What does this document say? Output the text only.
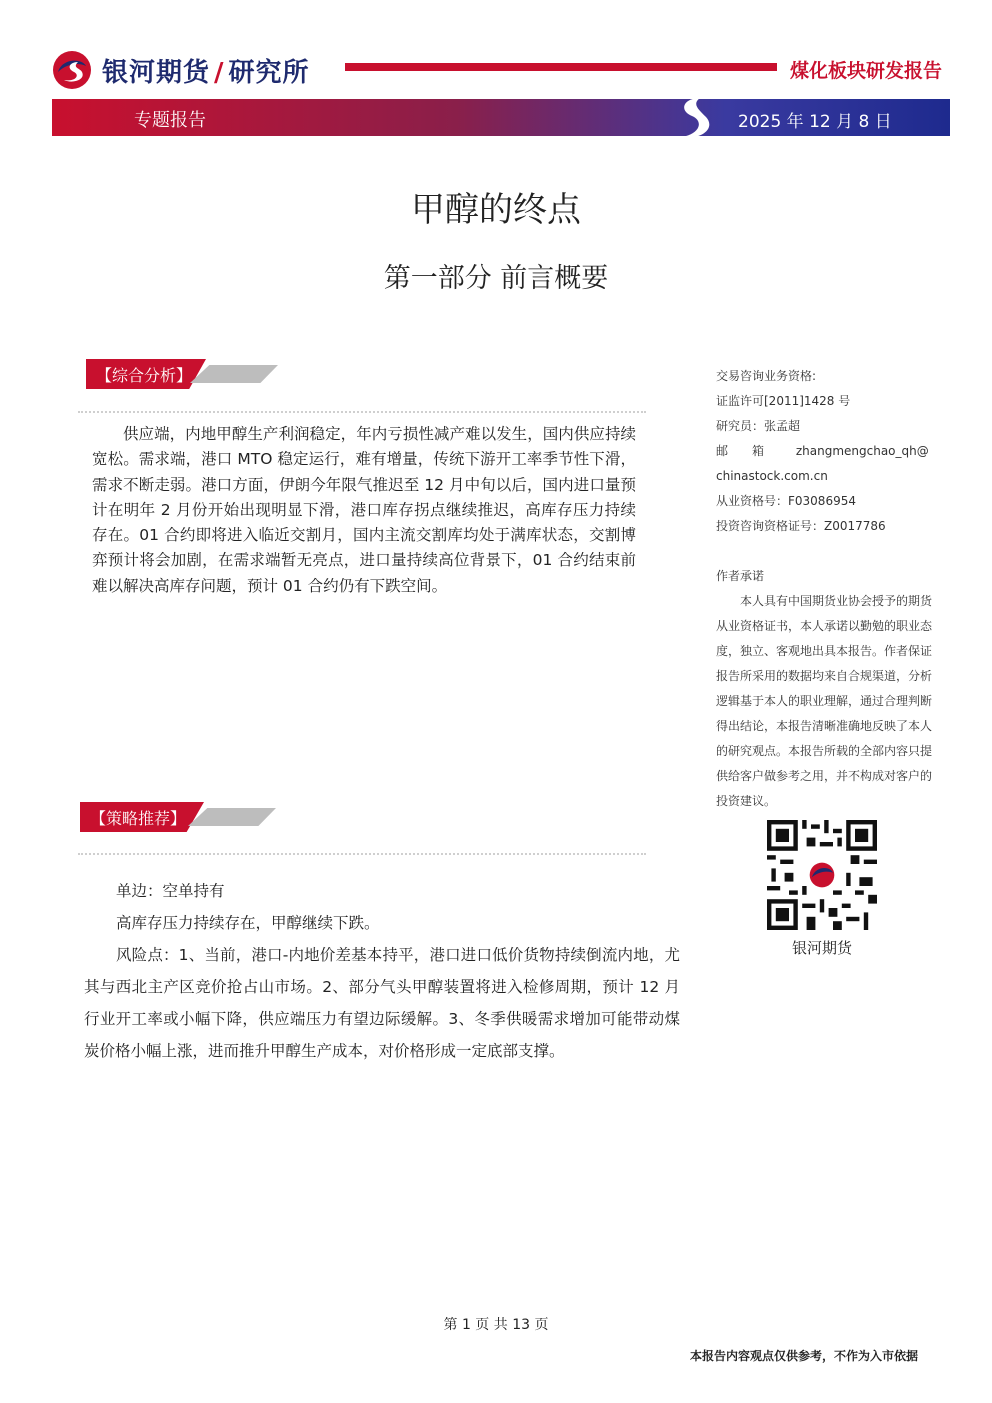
银河期货 / 研究所	煤化板块研发报告
专题报告	2025 年 12 月 8 日
甲醇的终点
第一部分 前言概要
【综合分析】
供应端，内地甲醇生产利润稳定，年内亏损性减产难以发生，国内供应持续宽松。需求端，港口 MTO 稳定运行，难有增量，传统下游开工率季节性下滑，需求不断走弱。港口方面，伊朗今年限气推迟至 12 月中旬以后，国内进口量预计在明年 2 月份开始出现明显下滑，港口库存拐点继续推迟，高库存压力持续存在。01 合约即将进入临近交割月，国内主流交割库均处于满库状态，交割博弈预计将会加剧，在需求端暂无亮点，进口量持续高位背景下，01 合约结束前难以解决高库存问题，预计 01 合约仍有下跌空间。
【策略推荐】

单边：空单持有

高库存压力持续存在，甲醇继续下跌。

风险点：1、当前，港口-内地价差基本持平，港口进口低价货物持续倒流内地，尤其与西北主产区竞价抢占山市场。2、部分气头甲醇装置将进入检修周期，预计 12 月行业开工率或小幅下降，供应端压力有望边际缓解。3、冬季供暖需求增加可能带动煤炭价格小幅上涨，进而推升甲醇生产成本，对价格形成一定底部支撑。

交易咨询业务资格:
证监许可[2011]1428 号
研究员：张孟超
邮　　箱	zhangmengchao_qh@
chinastock.com.cn
从业资格号：F03086954
投资咨询资格证号：Z0017786
作者承诺
本人具有中国期货业协会授予的期货从业资格证书，本人承诺以勤勉的职业态度，独立、客观地出具本报告。作者保证报告所采用的数据均来自合规渠道，分析逻辑基于本人的职业理解，通过合理判断得出结论，本报告清晰准确地反映了本人的研究观点。本报告所载的全部内容只提供给客户做参考之用，并不构成对客户的投资建议。
银河期货
第 1 页 共 13 页
本报告内容观点仅供参考，不作为入市依据
